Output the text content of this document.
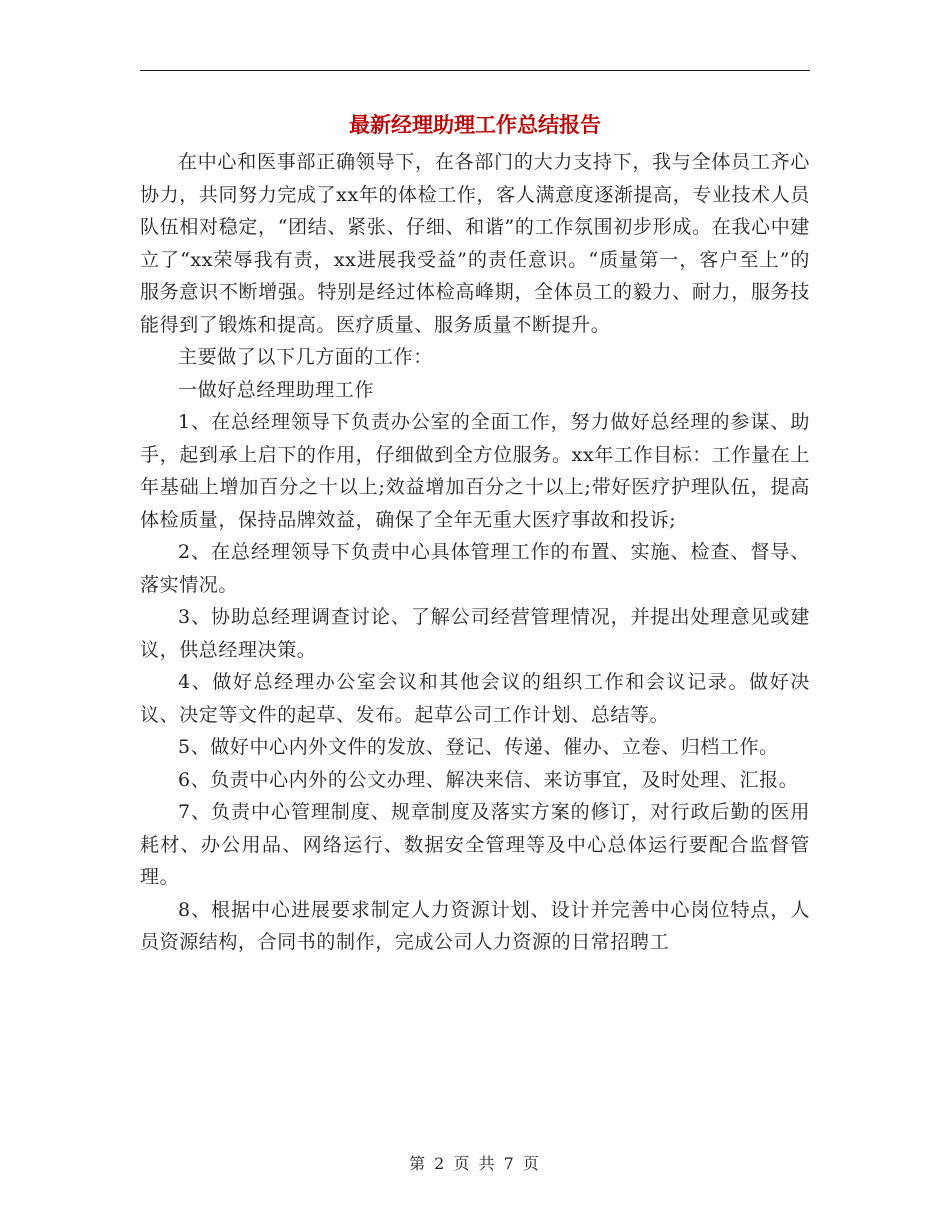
最新经理助理工作总结报告

在中心和医事部正确领导下，在各部门的大力支持下，我与全体员工齐心协力，共同努力完成了xx年的体检工作，客人满意度逐渐提高，专业技术人员队伍相对稳定，“团结、紧张、仔细、和谐”的工作氛围初步形成。在我心中建立了“xx荣辱我有责，xx进展我受益”的责任意识。“质量第一，客户至上”的服务意识不断增强。特别是经过体检高峰期，全体员工的毅力、耐力，服务技能得到了锻炼和提高。医疗质量、服务质量不断提升。

主要做了以下几方面的工作：

一做好总经理助理工作

1、在总经理领导下负责办公室的全面工作，努力做好总经理的参谋、助手，起到承上启下的作用，仔细做到全方位服务。xx年工作目标：工作量在上年基础上增加百分之十以上;效益增加百分之十以上;带好医疗护理队伍，提高体检质量，保持品牌效益，确保了全年无重大医疗事故和投诉;

2、在总经理领导下负责中心具体管理工作的布置、实施、检查、督导、落实情况。

3、协助总经理调查讨论、了解公司经营管理情况，并提出处理意见或建议，供总经理决策。

4、做好总经理办公室会议和其他会议的组织工作和会议记录。做好决议、决定等文件的起草、发布。起草公司工作计划、总结等。

5、做好中心内外文件的发放、登记、传递、催办、立卷、归档工作。

6、负责中心内外的公文办理、解决来信、来访事宜，及时处理、汇报。

7、负责中心管理制度、规章制度及落实方案的修订，对行政后勤的医用耗材、办公用品、网络运行、数据安全管理等及中心总体运行要配合监督管理。

8、根据中心进展要求制定人力资源计划、设计并完善中心岗位特点，人员资源结构，合同书的制作，完成公司人力资源的日常招聘工

第 2 页 共 7 页
